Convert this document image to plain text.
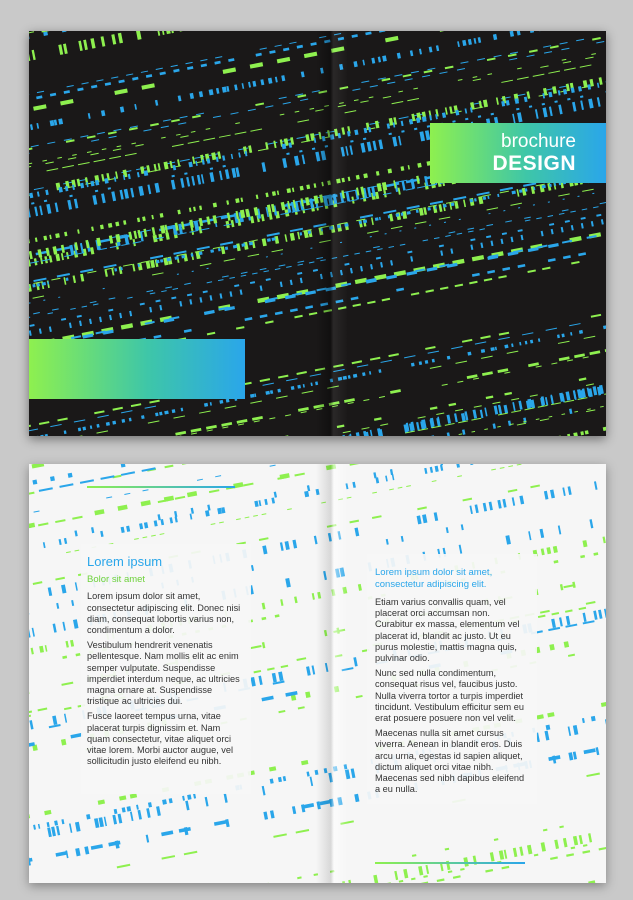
brochure
DESIGN
Lorem ipsum
Bolor sit amet

Lorem ipsum dolor sit amet, consectetur adipiscing elit. Donec nisi diam, consequat lobortis varius non, condimentum a dolor.

Vestibulum hendrerit venenatis pellentesque. Nam mollis elit ac enim semper vulputate. Suspendisse imperdiet interdum neque, ac ultricies magna ornare at. Suspendisse tristique ac ultricies dui.

Fusce laoreet tempus urna, vitae placerat turpis dignissim et. Nam quam consectetur, vitae aliquet orci vitae lorem. Morbi auctor augue, vel sollicitudin justo eleifend eu nibh.

Lorem ipsum dolor sit amet, consectetur adipiscing elit.

Etiam varius convallis quam, vel placerat orci accumsan non. Curabitur ex massa, elementum vel placerat id, blandit ac justo. Ut eu purus molestie, mattis magna quis, pulvinar odio.

Nunc sed nulla condimentum, consequat risus vel, faucibus justo. Nulla viverra tortor a turpis imperdiet tincidunt. Vestibulum efficitur sem eu erat posuere posuere non vel velit.

Maecenas nulla sit amet cursus viverra. Aenean in blandit eros. Duis arcu urna, egestas id sapien aliquet, dictum aliquet orci vitae nibh. Maecenas sed nibh dapibus eleifend a eu nulla.
